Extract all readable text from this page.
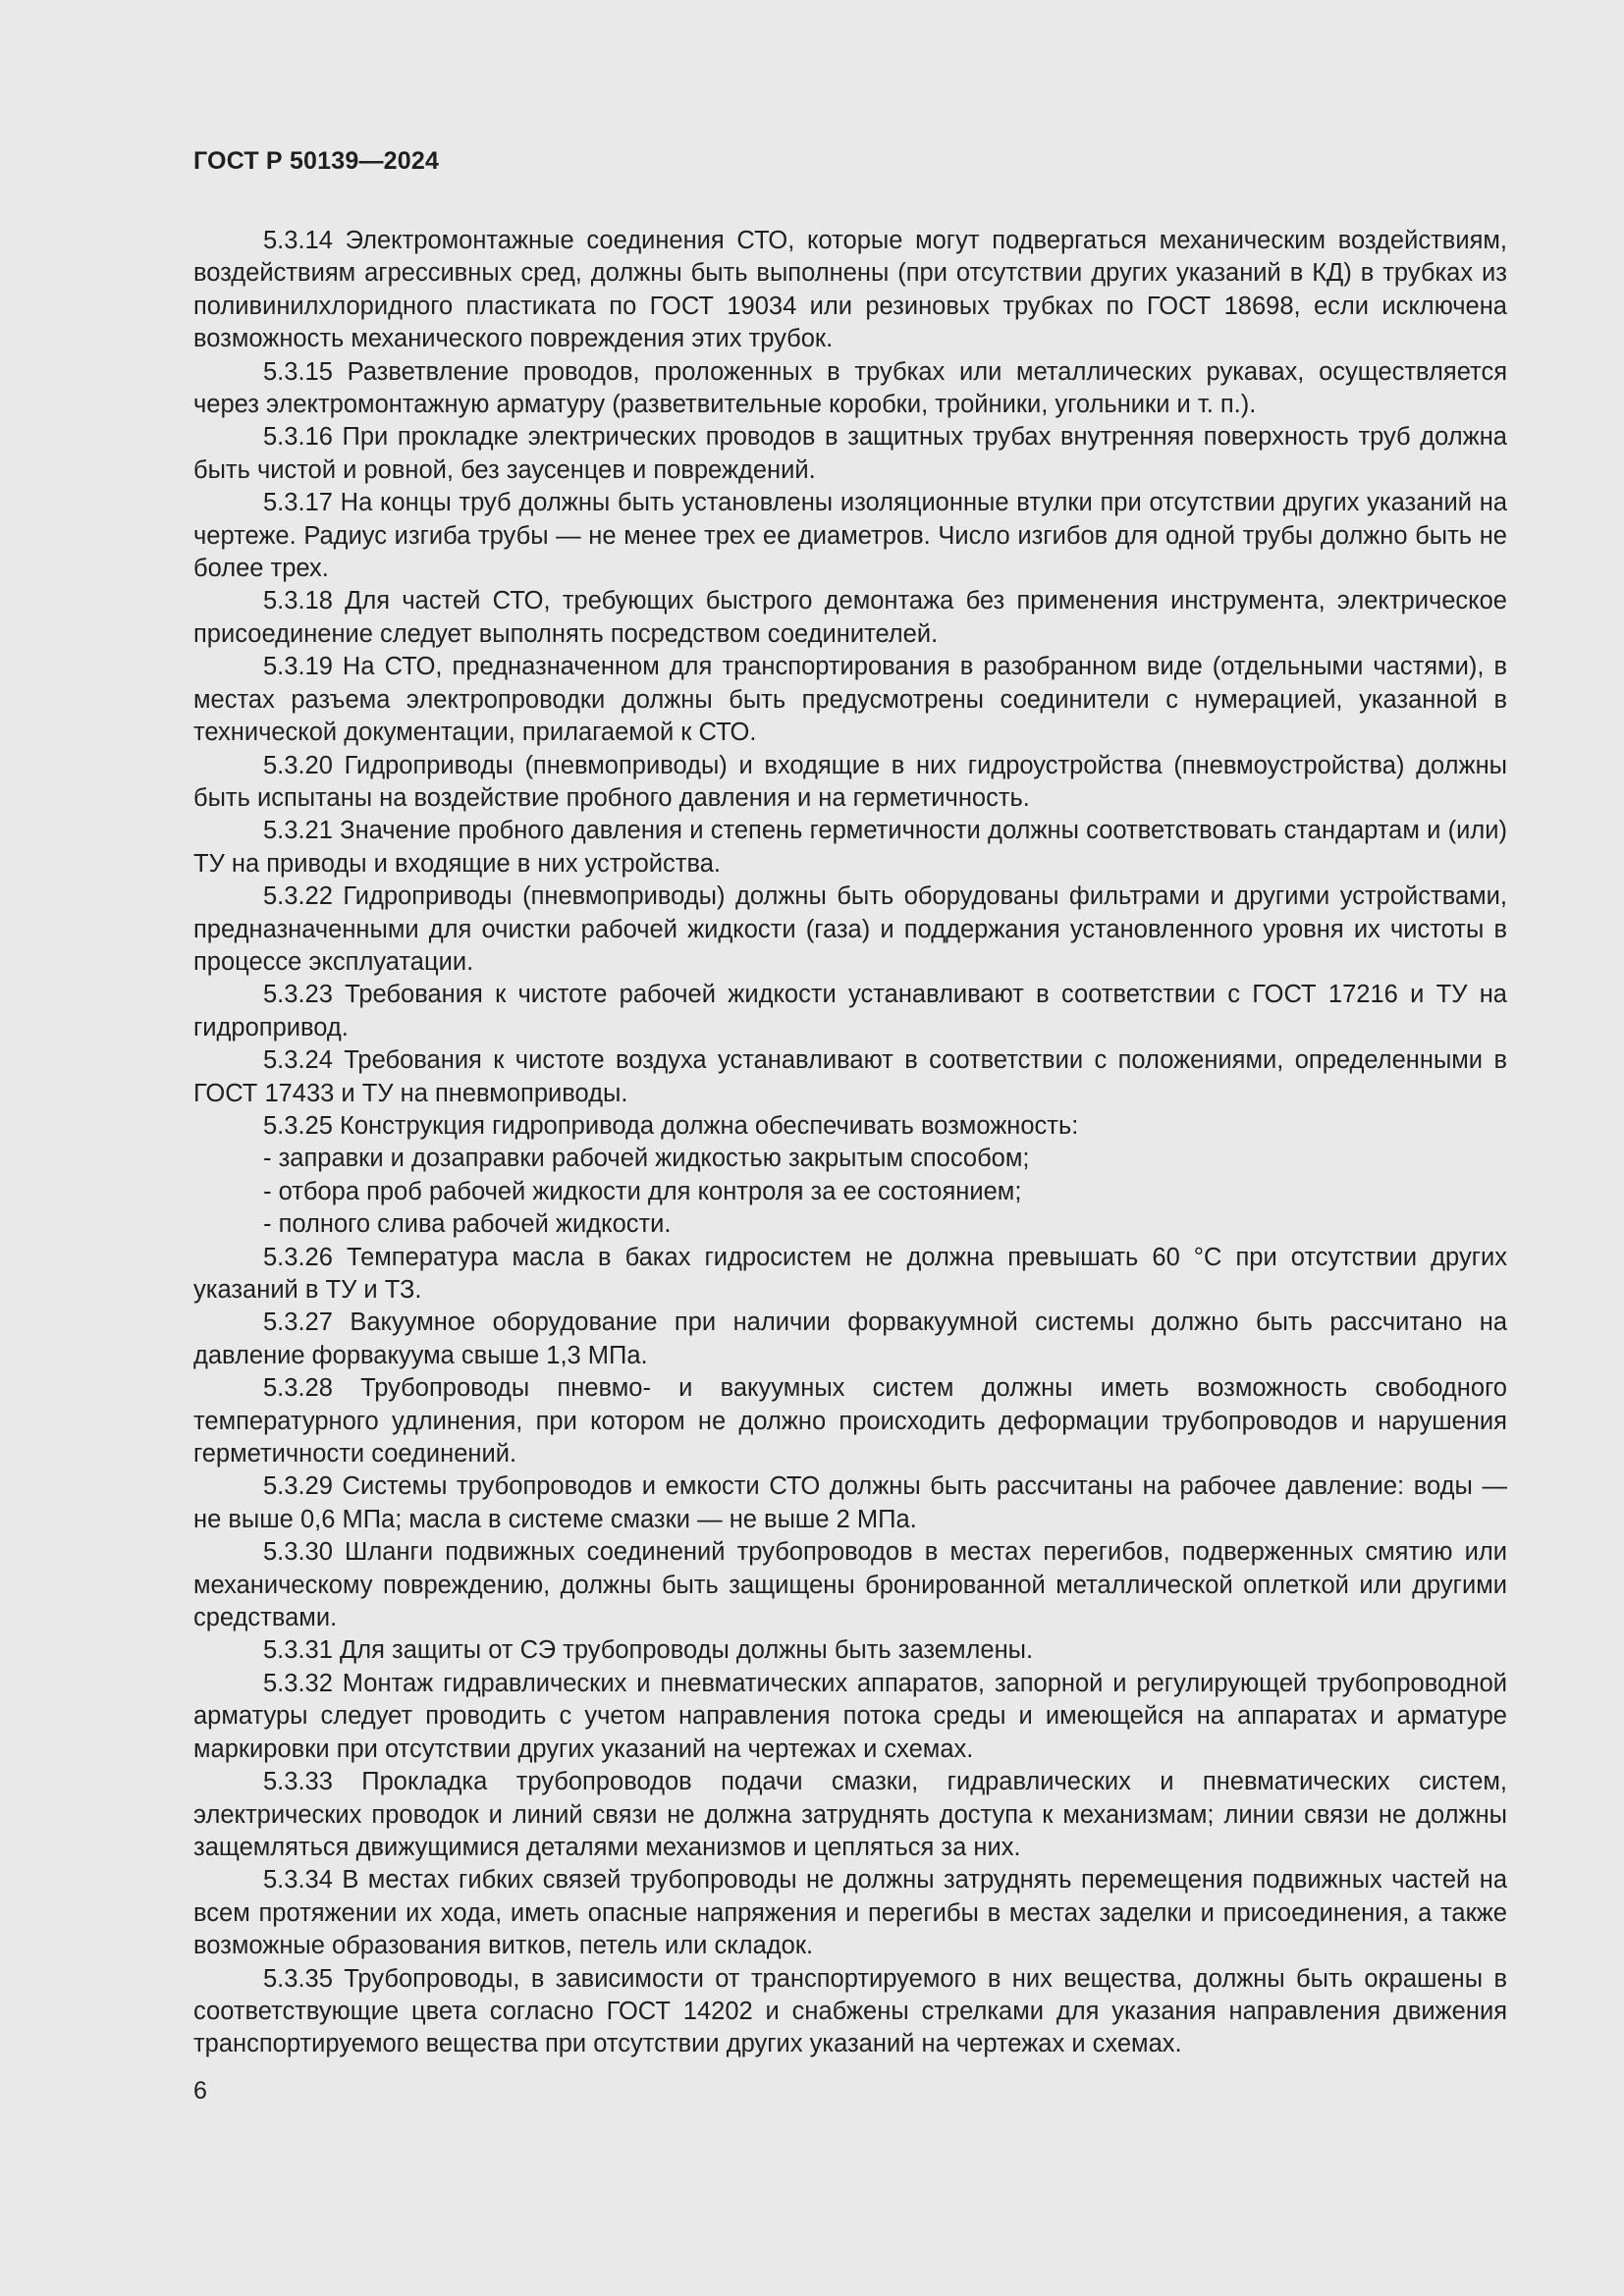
ГОСТ Р 50139—2024

5.3.14 Электромонтажные соединения СТО, которые могут подвергаться механическим воздействиям, воздействиям агрессивных сред, должны быть выполнены (при отсутствии других указаний в КД) в трубках из поливинилхлоридного пластиката по ГОСТ 19034 или резиновых трубках по ГОСТ 18698, если исключена возможность механического повреждения этих трубок.

5.3.15 Разветвление проводов, проложенных в трубках или металлических рукавах, осуществляется через электромонтажную арматуру (разветвительные коробки, тройники, угольники и т. п.).

5.3.16 При прокладке электрических проводов в защитных трубах внутренняя поверхность труб должна быть чистой и ровной, без заусенцев и повреждений.

5.3.17 На концы труб должны быть установлены изоляционные втулки при отсутствии других указаний на чертеже. Радиус изгиба трубы — не менее трех ее диаметров. Число изгибов для одной трубы должно быть не более трех.

5.3.18 Для частей СТО, требующих быстрого демонтажа без применения инструмента, электрическое присоединение следует выполнять посредством соединителей.

5.3.19 На СТО, предназначенном для транспортирования в разобранном виде (отдельными частями), в местах разъема электропроводки должны быть предусмотрены соединители с нумерацией, указанной в технической документации, прилагаемой к СТО.

5.3.20 Гидроприводы (пневмоприводы) и входящие в них гидроустройства (пневмоустройства) должны быть испытаны на воздействие пробного давления и на герметичность.

5.3.21 Значение пробного давления и степень герметичности должны соответствовать стандартам и (или) ТУ на приводы и входящие в них устройства.

5.3.22 Гидроприводы (пневмоприводы) должны быть оборудованы фильтрами и другими устройствами, предназначенными для очистки рабочей жидкости (газа) и поддержания установленного уровня их чистоты в процессе эксплуатации.

5.3.23 Требования к чистоте рабочей жидкости устанавливают в соответствии с ГОСТ 17216 и ТУ на гидропривод.

5.3.24 Требования к чистоте воздуха устанавливают в соответствии с положениями, определенными в ГОСТ 17433 и ТУ на пневмоприводы.

5.3.25 Конструкция гидропривода должна обеспечивать возможность:

- заправки и дозаправки рабочей жидкостью закрытым способом;

- отбора проб рабочей жидкости для контроля за ее состоянием;

- полного слива рабочей жидкости.

5.3.26 Температура масла в баках гидросистем не должна превышать 60 °С при отсутствии других указаний в ТУ и ТЗ.

5.3.27 Вакуумное оборудование при наличии форвакуумной системы должно быть рассчитано на давление форвакуума свыше 1,3 МПа.

5.3.28 Трубопроводы пневмо- и вакуумных систем должны иметь возможность свободного температурного удлинения, при котором не должно происходить деформации трубопроводов и нарушения герметичности соединений.

5.3.29 Системы трубопроводов и емкости СТО должны быть рассчитаны на рабочее давление: воды — не выше 0,6 МПа; масла в системе смазки — не выше 2 МПа.

5.3.30 Шланги подвижных соединений трубопроводов в местах перегибов, подверженных смятию или механическому повреждению, должны быть защищены бронированной металлической оплеткой или другими средствами.

5.3.31 Для защиты от СЭ трубопроводы должны быть заземлены.

5.3.32 Монтаж гидравлических и пневматических аппаратов, запорной и регулирующей трубопроводной арматуры следует проводить с учетом направления потока среды и имеющейся на аппаратах и арматуре маркировки при отсутствии других указаний на чертежах и схемах.

5.3.33 Прокладка трубопроводов подачи смазки, гидравлических и пневматических систем, электрических проводок и линий связи не должна затруднять доступа к механизмам; линии связи не должны защемляться движущимися деталями механизмов и цепляться за них.

5.3.34 В местах гибких связей трубопроводы не должны затруднять перемещения подвижных частей на всем протяжении их хода, иметь опасные напряжения и перегибы в местах заделки и присоединения, а также возможные образования витков, петель или складок.

5.3.35 Трубопроводы, в зависимости от транспортируемого в них вещества, должны быть окрашены в соответствующие цвета согласно ГОСТ 14202 и снабжены стрелками для указания направления движения транспортируемого вещества при отсутствии других указаний на чертежах и схемах.

6
